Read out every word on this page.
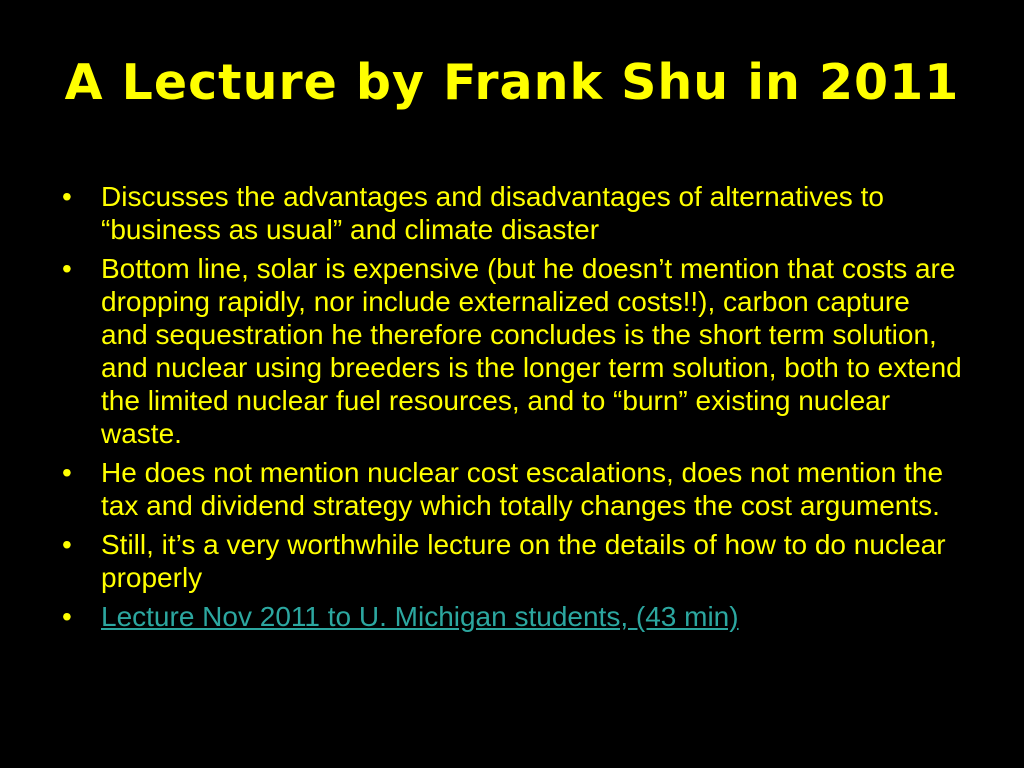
A Lecture by Frank Shu in 2011
• Discusses the advantages and disadvantages of alternatives to “business as usual” and climate disaster
• Bottom line, solar is expensive (but he doesn’t mention that costs are dropping rapidly, nor include externalized costs!!), carbon capture and sequestration he therefore concludes is the short term solution, and nuclear using breeders is the longer term solution, both to extend the limited nuclear fuel resources, and to “burn” existing nuclear waste.
• He does not mention nuclear cost escalations, does not mention the tax and dividend strategy which totally changes the cost arguments.
• Still, it’s a very worthwhile lecture on the details of how to do nuclear properly
• Lecture Nov 2011 to U. Michigan students, (43 min)
